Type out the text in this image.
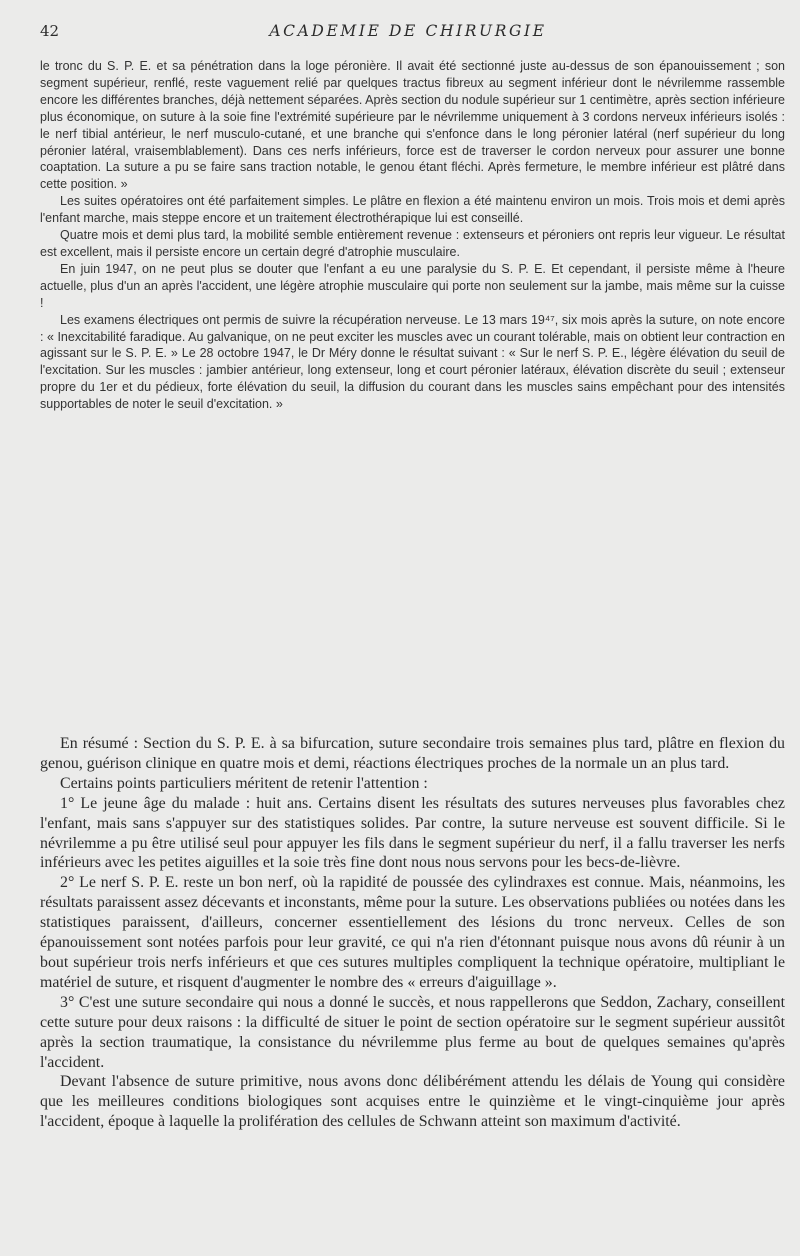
42	ACADEMIE DE CHIRURGIE

le tronc du S. P. E. et sa pénétration dans la loge péronière. Il avait été sectionné juste au-dessus de son épanouissement ; son segment supérieur, renflé, reste vaguement relié par quelques tractus fibreux au segment inférieur dont le névrilemme rassemble encore les différentes branches, déjà nettement séparées. Après section du nodule supérieur sur 1 centimètre, après section inférieure plus économique, on suture à la soie fine l'extrémité supérieure par le névrilemme uniquement à 3 cordons nerveux inférieurs isolés : le nerf tibial antérieur, le nerf musculo-cutané, et une branche qui s'enfonce dans le long péronier latéral (nerf supérieur du long péronier latéral, vraisemblablement). Dans ces nerfs inférieurs, force est de traverser le cordon nerveux pour assurer une bonne coaptation. La suture a pu se faire sans traction notable, le genou étant fléchi. Après fermeture, le membre inférieur est plâtré dans cette position. »

Les suites opératoires ont été parfaitement simples. Le plâtre en flexion a été maintenu environ un mois. Trois mois et demi après l'enfant marche, mais steppe encore et un traitement électrothérapique lui est conseillé.

Quatre mois et demi plus tard, la mobilité semble entièrement revenue : extenseurs et péroniers ont repris leur vigueur. Le résultat est excellent, mais il persiste encore un certain degré d'atrophie musculaire.

En juin 1947, on ne peut plus se douter que l'enfant a eu une paralysie du S. P. E. Et cependant, il persiste même à l'heure actuelle, plus d'un an après l'accident, une légère atrophie musculaire qui porte non seulement sur la jambe, mais même sur la cuisse !

Les examens électriques ont permis de suivre la récupération nerveuse. Le 13 mars 19⁴⁷, six mois après la suture, on note encore : « Inexcitabilité faradique. Au galvanique, on ne peut exciter les muscles avec un courant tolérable, mais on obtient leur contraction en agissant sur le S. P. E. » Le 28 octobre 1947, le Dr Méry donne le résultat suivant : « Sur le nerf S. P. E., légère élévation du seuil de l'excitation. Sur les muscles : jambier antérieur, long extenseur, long et court péronier latéraux, élévation discrète du seuil ; extenseur propre du 1er et du pédieux, forte élévation du seuil, la diffusion du courant dans les muscles sains empêchant pour des intensités supportables de noter le seuil d'excitation. »

En résumé : Section du S. P. E. à sa bifurcation, suture secondaire trois semaines plus tard, plâtre en flexion du genou, guérison clinique en quatre mois et demi, réactions électriques proches de la normale un an plus tard.

Certains points particuliers méritent de retenir l'attention :

1° Le jeune âge du malade : huit ans. Certains disent les résultats des sutures nerveuses plus favorables chez l'enfant, mais sans s'appuyer sur des statistiques solides. Par contre, la suture nerveuse est souvent difficile. Si le névrilemme a pu être utilisé seul pour appuyer les fils dans le segment supérieur du nerf, il a fallu traverser les nerfs inférieurs avec les petites aiguilles et la soie très fine dont nous nous servons pour les becs-de-lièvre.

2° Le nerf S. P. E. reste un bon nerf, où la rapidité de poussée des cylindraxes est connue. Mais, néanmoins, les résultats paraissent assez décevants et inconstants, même pour la suture. Les observations publiées ou notées dans les statistiques paraissent, d'ailleurs, concerner essentiellement des lésions du tronc nerveux. Celles de son épanouissement sont notées parfois pour leur gravité, ce qui n'a rien d'étonnant puisque nous avons dû réunir à un bout supérieur trois nerfs inférieurs et que ces sutures multiples compliquent la technique opératoire, multipliant le matériel de suture, et risquent d'augmenter le nombre des « erreurs d'aiguillage ».

3° C'est une suture secondaire qui nous a donné le succès, et nous rappellerons que Seddon, Zachary, conseillent cette suture pour deux raisons : la difficulté de situer le point de section opératoire sur le segment supérieur aussitôt après la section traumatique, la consistance du névrilemme plus ferme au bout de quelques semaines qu'après l'accident.

Devant l'absence de suture primitive, nous avons donc délibérément attendu les délais de Young qui considère que les meilleures conditions biologiques sont acquises entre le quinzième et le vingt-cinquième jour après l'accident, époque à laquelle la prolifération des cellules de Schwann atteint son maximum d'activité.
